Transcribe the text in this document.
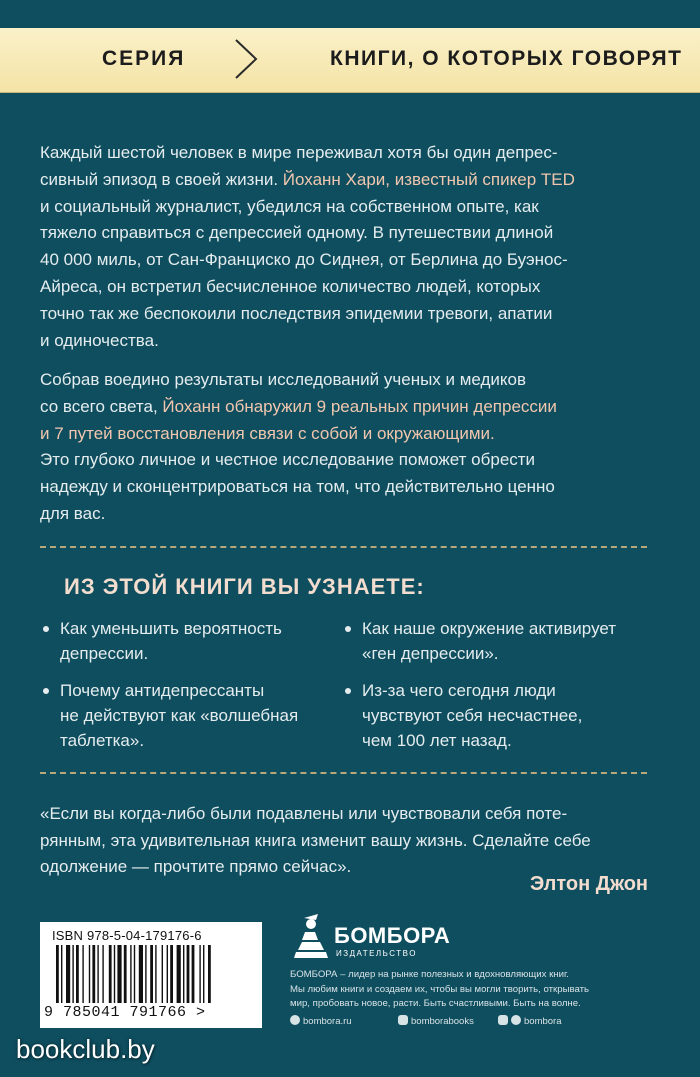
СЕРИЯ	КНИГИ, О КОТОРЫХ ГОВОРЯТ

Каждый шестой человек в мире переживал хотя бы один депрес-
сивный эпизод в своей жизни. Йоханн Хари, известный спикер TED
и социальный журналист, убедился на собственном опыте, как
тяжело справиться с депрессией одному. В путешествии длиной
40 000 миль, от Сан-Франциско до Сиднея, от Берлина до Буэнос-
Айреса, он встретил бесчисленное количество людей, которых
точно так же беспокоили последствия эпидемии тревоги, апатии
и одиночества.

Собрав воедино результаты исследований ученых и медиков
со всего света, Йоханн обнаружил 9 реальных причин депрессии
и 7 путей восстановления связи с собой и окружающими.
Это глубоко личное и честное исследование поможет обрести
надежду и сконцентрироваться на том, что действительно ценно
для вас.

ИЗ ЭТОЙ КНИГИ ВЫ УЗНАЕТЕ:
Как уменьшить вероятность
депрессии.
Как наше окружение активирует
«ген депрессии».
Почему антидепрессанты
не действуют как «волшебная
таблетка».
Из-за чего сегодня люди
чувствуют себя несчастнее,
чем 100 лет назад.

«Если вы когда-либо были подавлены или чувствовали себя поте-
рянным, эта удивительная книга изменит вашу жизнь. Сделайте себе
одолжение — прочтите прямо сейчас».

Элтон Джон
ISBN 978-5-04-179176-6
9 785041 791766 >
БОМБОРА
ИЗДАТЕЛЬСТВО

БОМБОРА – лидер на рынке полезных и вдохновляющих книг.
Мы любим книги и создаем их, чтобы вы могли творить, открывать
мир, пробовать новое, расти. Быть счастливыми. Быть на волне.

bombora.ru	bomborabooks	bombora
bookclub.by
